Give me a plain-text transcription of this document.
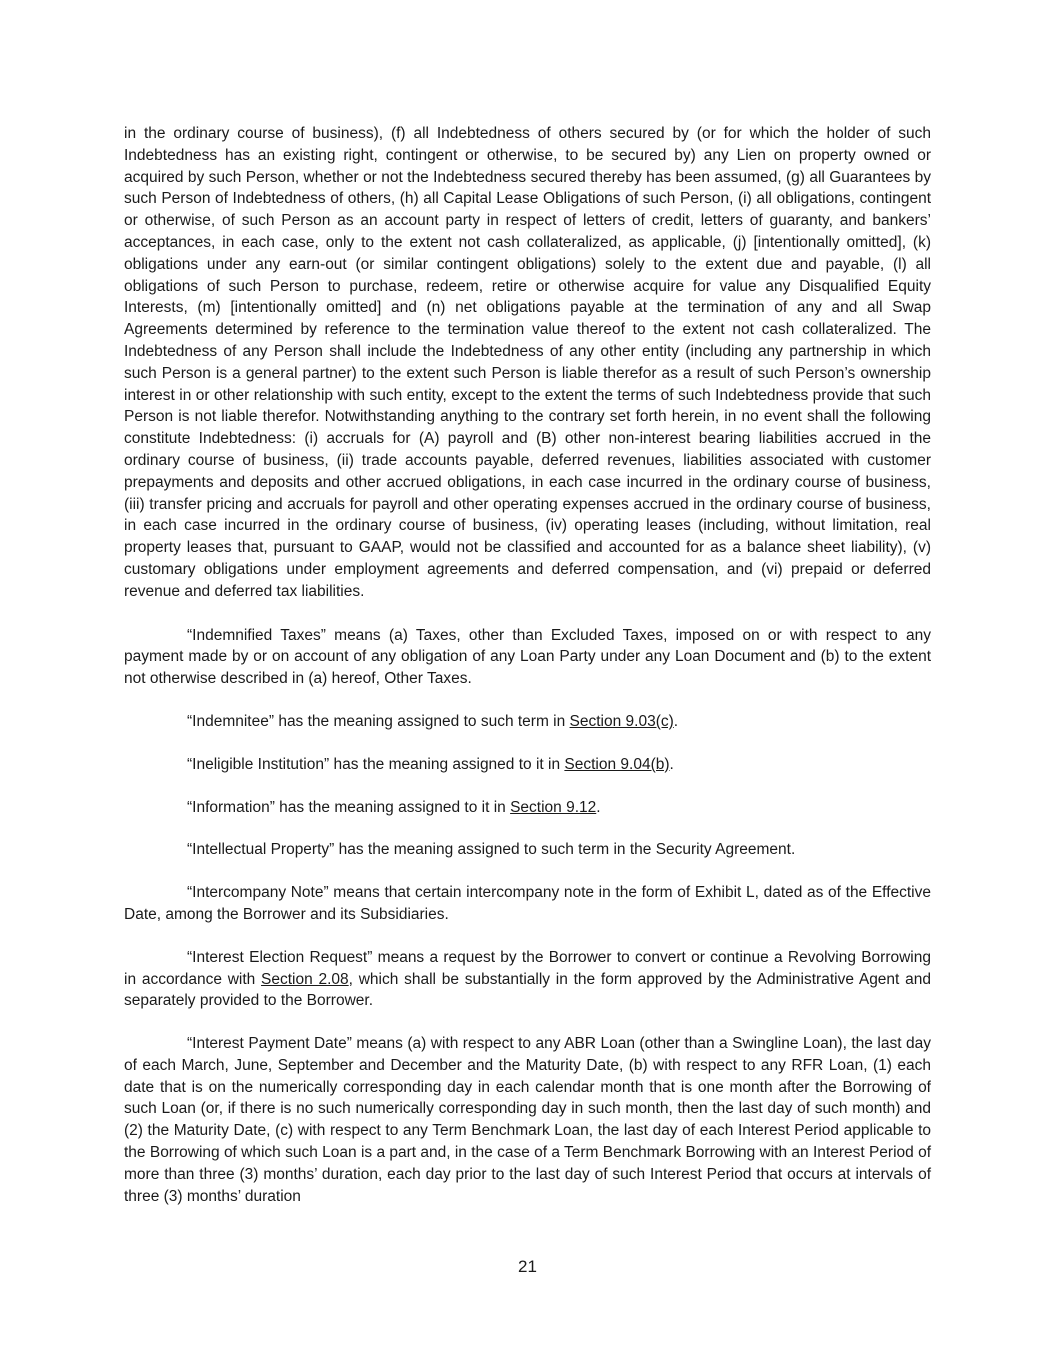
in the ordinary course of business), (f) all Indebtedness of others secured by (or for which the holder of such Indebtedness has an existing right, contingent or otherwise, to be secured by) any Lien on property owned or acquired by such Person, whether or not the Indebtedness secured thereby has been assumed, (g) all Guarantees by such Person of Indebtedness of others, (h) all Capital Lease Obligations of such Person, (i) all obligations, contingent or otherwise, of such Person as an account party in respect of letters of credit, letters of guaranty, and bankers’ acceptances, in each case, only to the extent not cash collateralized, as applicable, (j) [intentionally omitted], (k) obligations under any earn-out (or similar contingent obligations) solely to the extent due and payable, (l) all obligations of such Person to purchase, redeem, retire or otherwise acquire for value any Disqualified Equity Interests, (m) [intentionally omitted] and (n) net obligations payable at the termination of any and all Swap Agreements determined by reference to the termination value thereof to the extent not cash collateralized. The Indebtedness of any Person shall include the Indebtedness of any other entity (including any partnership in which such Person is a general partner) to the extent such Person is liable therefor as a result of such Person’s ownership interest in or other relationship with such entity, except to the extent the terms of such Indebtedness provide that such Person is not liable therefor. Notwithstanding anything to the contrary set forth herein, in no event shall the following constitute Indebtedness: (i) accruals for (A) payroll and (B) other non-interest bearing liabilities accrued in the ordinary course of business, (ii) trade accounts payable, deferred revenues, liabilities associated with customer prepayments and deposits and other accrued obligations, in each case incurred in the ordinary course of business, (iii) transfer pricing and accruals for payroll and other operating expenses accrued in the ordinary course of business, in each case incurred in the ordinary course of business, (iv) operating leases (including, without limitation, real property leases that, pursuant to GAAP, would not be classified and accounted for as a balance sheet liability), (v) customary obligations under employment agreements and deferred compensation, and (vi) prepaid or deferred revenue and deferred tax liabilities.

“Indemnified Taxes” means (a) Taxes, other than Excluded Taxes, imposed on or with respect to any payment made by or on account of any obligation of any Loan Party under any Loan Document and (b) to the extent not otherwise described in (a) hereof, Other Taxes.

“Indemnitee” has the meaning assigned to such term in Section 9.03(c).

“Ineligible Institution” has the meaning assigned to it in Section 9.04(b).

“Information” has the meaning assigned to it in Section 9.12.

“Intellectual Property” has the meaning assigned to such term in the Security Agreement.

“Intercompany Note” means that certain intercompany note in the form of Exhibit L, dated as of the Effective Date, among the Borrower and its Subsidiaries.

“Interest Election Request” means a request by the Borrower to convert or continue a Revolving Borrowing in accordance with Section 2.08, which shall be substantially in the form approved by the Administrative Agent and separately provided to the Borrower.

“Interest Payment Date” means (a) with respect to any ABR Loan (other than a Swingline Loan), the last day of each March, June, September and December and the Maturity Date, (b) with respect to any RFR Loan, (1) each date that is on the numerically corresponding day in each calendar month that is one month after the Borrowing of such Loan (or, if there is no such numerically corresponding day in such month, then the last day of such month) and (2) the Maturity Date, (c) with respect to any Term Benchmark Loan, the last day of each Interest Period applicable to the Borrowing of which such Loan is a part and, in the case of a Term Benchmark Borrowing with an Interest Period of more than three (3) months’ duration, each day prior to the last day of such Interest Period that occurs at intervals of three (3) months’ duration

21
